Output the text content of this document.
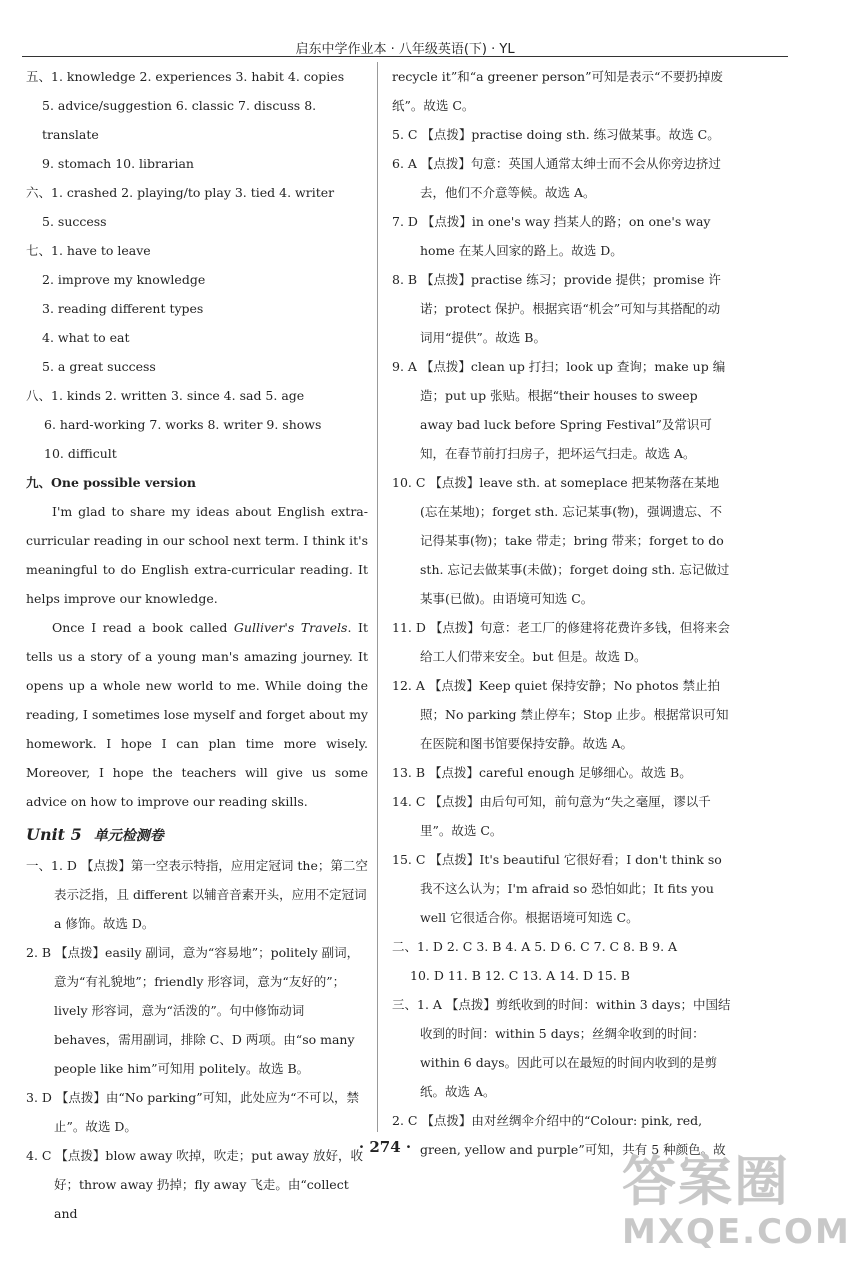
启东中学作业本 · 八年级英语(下) · YL

五、1. knowledge 2. experiences 3. habit 4. copies

5. advice/suggestion 6. classic 7. discuss 8. translate

9. stomach 10. librarian

六、1. crashed 2. playing/to play 3. tied 4. writer

5. success

七、1. have to leave

2. improve my knowledge

3. reading different types

4. what to eat

5. a great success

八、1. kinds 2. written 3. since 4. sad 5. age

6. hard-working 7. works 8. writer 9. shows

10. difficult

九、One possible version

I'm glad to share my ideas about English extra-curricular reading in our school next term. I think it's meaningful to do English extra-curricular reading. It helps improve our knowledge.

Once I read a book called Gulliver's Travels. It tells us a story of a young man's amazing journey. It opens up a whole new world to me. While doing the reading, I sometimes lose myself and forget about my homework. I hope I can plan time more wisely. Moreover, I hope the teachers will give us some advice on how to improve our reading skills.

Unit 5 单元检测卷

一、1. D 【点拨】第一空表示特指，应用定冠词 the；第二空表示泛指，且 different 以辅音音素开头，应用不定冠词 a 修饰。故选 D。

2. B 【点拨】easily 副词，意为“容易地”；politely 副词，意为“有礼貌地”；friendly 形容词，意为“友好的”；lively 形容词，意为“活泼的”。句中修饰动词 behaves，需用副词，排除 C、D 两项。由“so many people like him”可知用 politely。故选 B。

3. D 【点拨】由“No parking”可知，此处应为“不可以，禁止”。故选 D。

4. C 【点拨】blow away 吹掉，吹走；put away 放好，收好；throw away 扔掉；fly away 飞走。由“collect and

recycle it”和“a greener person”可知是表示“不要扔掉废纸”。故选 C。

5. C 【点拨】practise doing sth. 练习做某事。故选 C。

6. A 【点拨】句意：英国人通常太绅士而不会从你旁边挤过去，他们不介意等候。故选 A。

7. D 【点拨】in one's way 挡某人的路；on one's way home 在某人回家的路上。故选 D。

8. B 【点拨】practise 练习；provide 提供；promise 许诺；protect 保护。根据宾语“机会”可知与其搭配的动词用“提供”。故选 B。

9. A 【点拨】clean up 打扫；look up 查询；make up 编造；put up 张贴。根据“their houses to sweep away bad luck before Spring Festival”及常识可知，在春节前打扫房子，把坏运气扫走。故选 A。

10. C 【点拨】leave sth. at someplace 把某物落在某地(忘在某地)；forget sth. 忘记某事(物)，强调遗忘、不记得某事(物)；take 带走；bring 带来；forget to do sth. 忘记去做某事(未做)；forget doing sth. 忘记做过某事(已做)。由语境可知选 C。

11. D 【点拨】句意：老工厂的修建将花费许多钱，但将来会给工人们带来安全。but 但是。故选 D。

12. A 【点拨】Keep quiet 保持安静；No photos 禁止拍照；No parking 禁止停车；Stop 止步。根据常识可知在医院和图书馆要保持安静。故选 A。

13. B 【点拨】careful enough 足够细心。故选 B。

14. C 【点拨】由后句可知，前句意为“失之毫厘，谬以千里”。故选 C。

15. C 【点拨】It's beautiful 它很好看；I don't think so 我不这么认为；I'm afraid so 恐怕如此；It fits you well 它很适合你。根据语境可知选 C。

二、1. D 2. C 3. B 4. A 5. D 6. C 7. C 8. B 9. A

10. D 11. B 12. C 13. A 14. D 15. B

三、1. A 【点拨】剪纸收到的时间：within 3 days；中国结收到的时间：within 5 days；丝绸伞收到的时间：within 6 days。因此可以在最短的时间内收到的是剪纸。故选 A。

2. C 【点拨】由对丝绸伞介绍中的“Colour: pink, red, green, yellow and purple”可知，共有 5 种颜色。故

· 274 ·
答案圈
MXQE.COM
